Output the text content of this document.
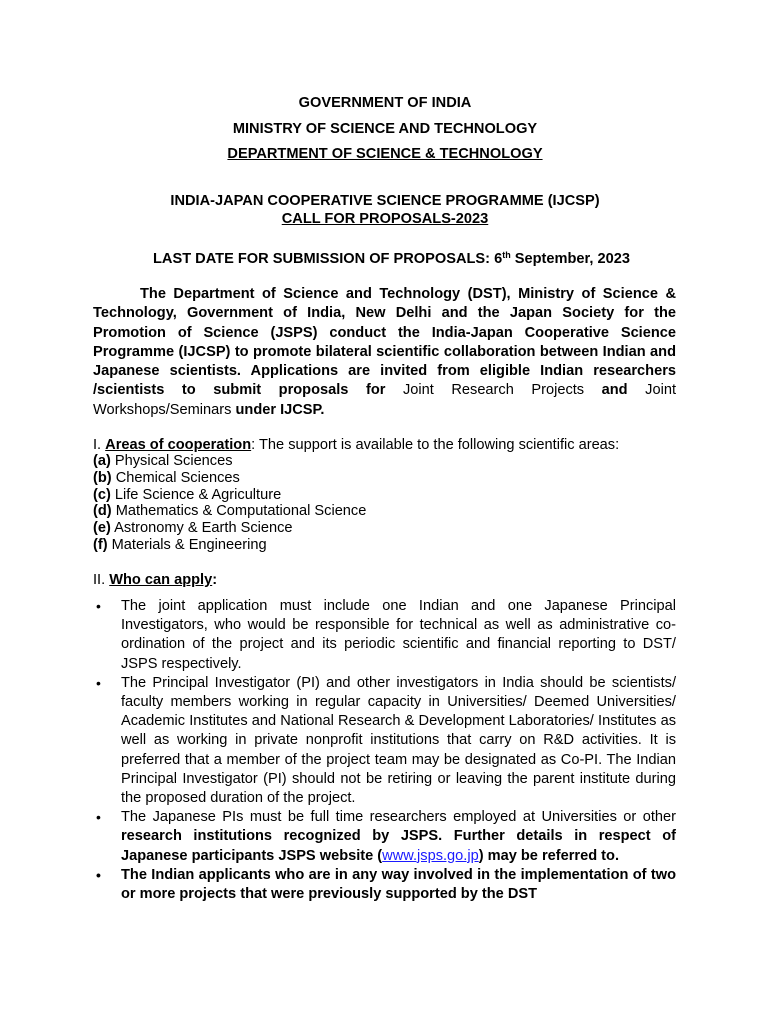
GOVERNMENT OF INDIA
MINISTRY OF SCIENCE AND TECHNOLOGY
DEPARTMENT OF SCIENCE & TECHNOLOGY
INDIA-JAPAN COOPERATIVE SCIENCE PROGRAMME (IJCSP)
CALL FOR PROPOSALS-2023
LAST DATE FOR SUBMISSION OF PROPOSALS: 6th September, 2023
The Department of Science and Technology (DST), Ministry of Science & Technology, Government of India, New Delhi and the Japan Society for the Promotion of Science (JSPS) conduct the India-Japan Cooperative Science Programme (IJCSP) to promote bilateral scientific collaboration between Indian and Japanese scientists. Applications are invited from eligible Indian researchers /scientists to submit proposals for Joint Research Projects and Joint Workshops/Seminars under IJCSP.
I. Areas of cooperation: The support is available to the following scientific areas:
(a) Physical Sciences
(b) Chemical Sciences
(c) Life Science & Agriculture
(d) Mathematics & Computational Science
(e) Astronomy & Earth Science
(f) Materials & Engineering
II. Who can apply:
• The joint application must include one Indian and one Japanese Principal Investigators, who would be responsible for technical as well as administrative co- ordination of the project and its periodic scientific and financial reporting to DST/ JSPS respectively.
• The Principal Investigator (PI) and other investigators in India should be scientists/ faculty members working in regular capacity in Universities/ Deemed Universities/ Academic Institutes and National Research & Development Laboratories/ Institutes as well as working in private nonprofit institutions that carry on R&D activities. It is preferred that a member of the project team may be designated as Co-PI. The Indian Principal Investigator (PI) should not be retiring or leaving the parent institute during the proposed duration of the project.
• The Japanese PIs must be full time researchers employed at Universities or other research institutions recognized by JSPS. Further details in respect of Japanese participants JSPS website (www.jsps.go.jp) may be referred to.
• The Indian applicants who are in any way involved in the implementation of two or more projects that were previously supported by the DST
